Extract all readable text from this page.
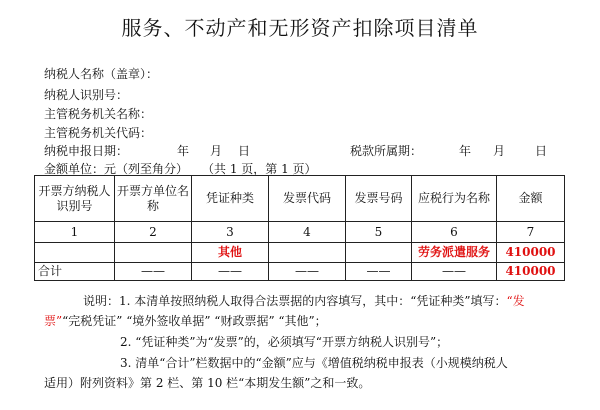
服务、不动产和无形资产扣除项目清单
纳税人名称（盖章）：
纳税人识别号：
主管税务机关名称：
主管税务机关代码：
纳税申报日期：	年 月 日	税款所属期：	年 月 日
金额单位：元（列至角分） （共 1 页，第 1 页）
开票方纳税人识别号	开票方单位名称	凭证种类	发票代码	发票号码	应税行为名称	金额
1	2	3	4	5	6	7
		其他			劳务派遣服务	410000
合计	——	——	——	——	——	410000
说明：1. 本清单按照纳税人取得合法票据的内容填写，其中：“凭证种类”填写：“发
票”“完税凭证” “境外签收单据” “财政票据” “其他”；
2. “凭证种类”为“发票”的，必须填写“开票方纳税人识别号”；
3. 清单“合计”栏数据中的“金额”应与《增值税纳税申报表（小规模纳税人
适用）附列资料》第 2 栏、第 10 栏“本期发生额”之和一致。
